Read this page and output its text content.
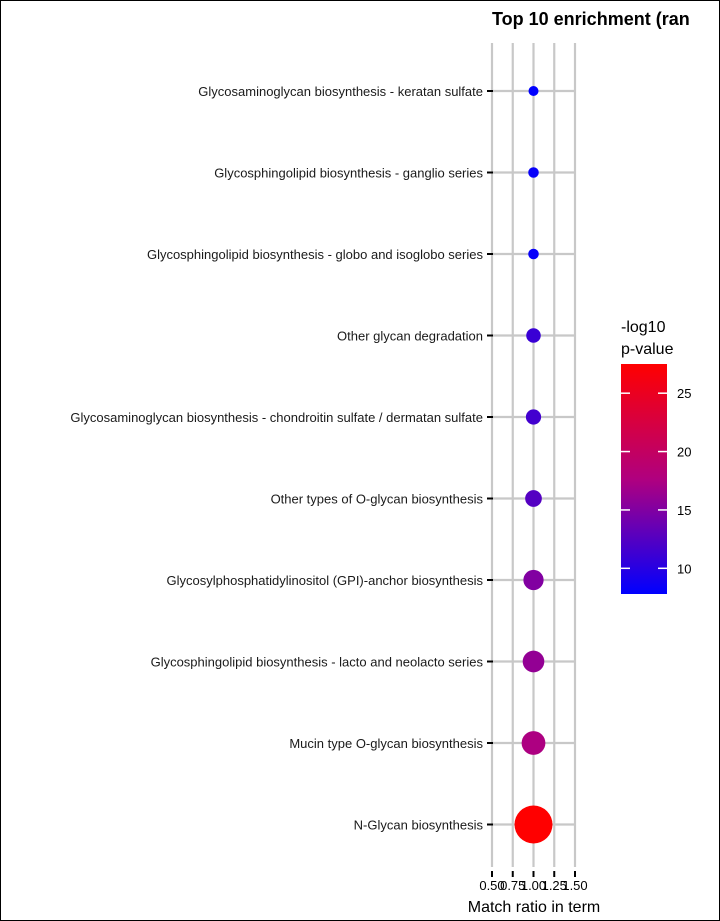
Top 10 enrichment (ran
0.50
0.75
1.00
1.25
1.50
Glycosaminoglycan biosynthesis - keratan sulfate
Glycosphingolipid biosynthesis - ganglio series
Glycosphingolipid biosynthesis - globo and isoglobo series
Other glycan degradation
Glycosaminoglycan biosynthesis - chondroitin sulfate / dermatan sulfate
Other types of O-glycan biosynthesis
Glycosylphosphatidylinositol (GPI)-anchor biosynthesis
Glycosphingolipid biosynthesis - lacto and neolacto series
Mucin type O-glycan biosynthesis
N-Glycan biosynthesis
Match ratio in term
-log10
p-value
10
15
20
25
